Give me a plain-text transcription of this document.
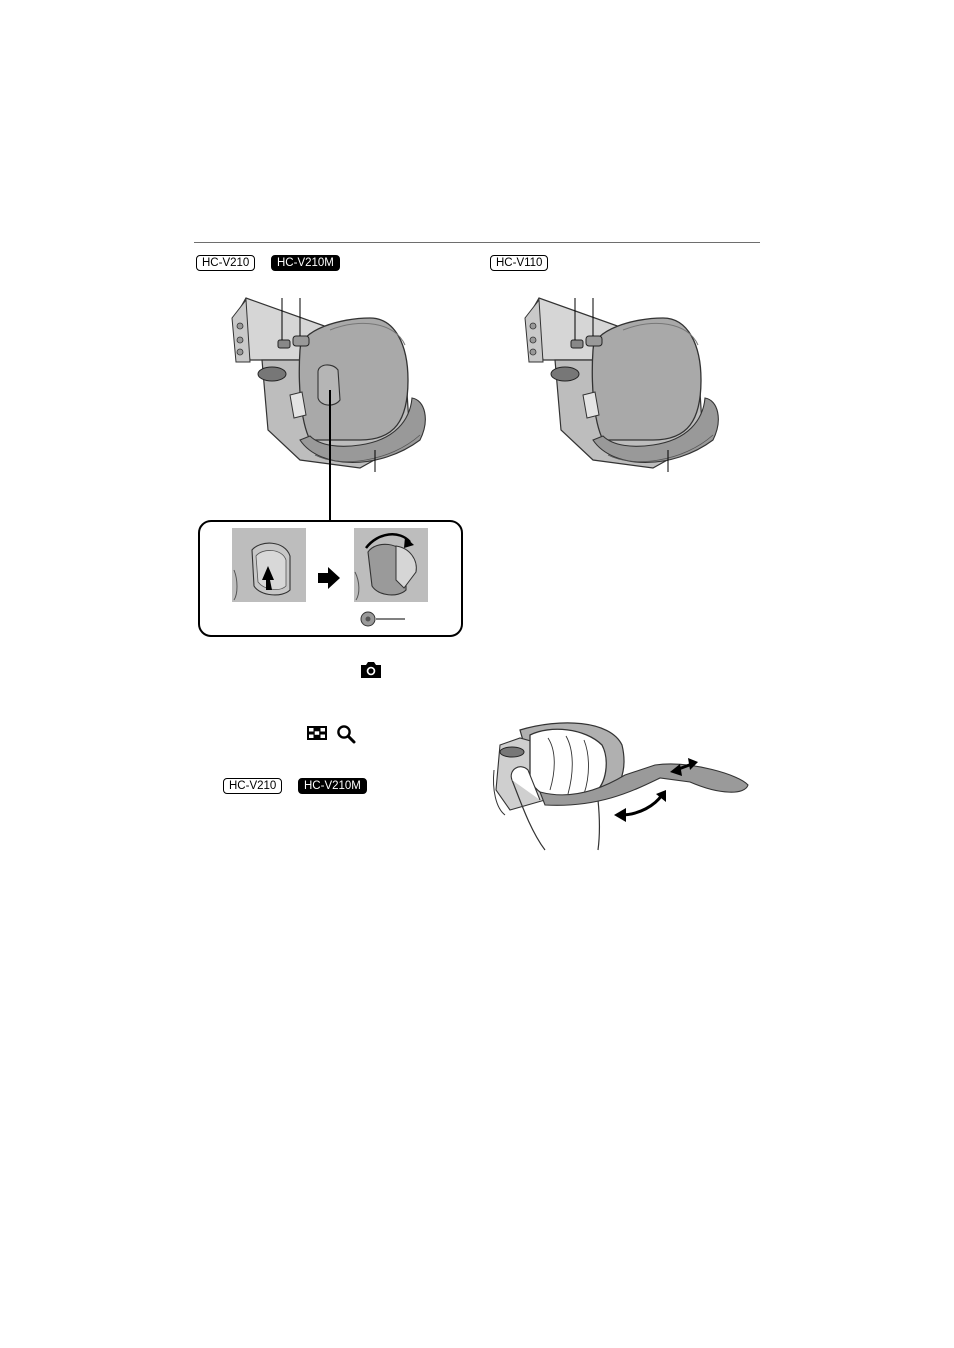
HC-V210	HC-V210M	HC-V110
HC-V210	HC-V210M
